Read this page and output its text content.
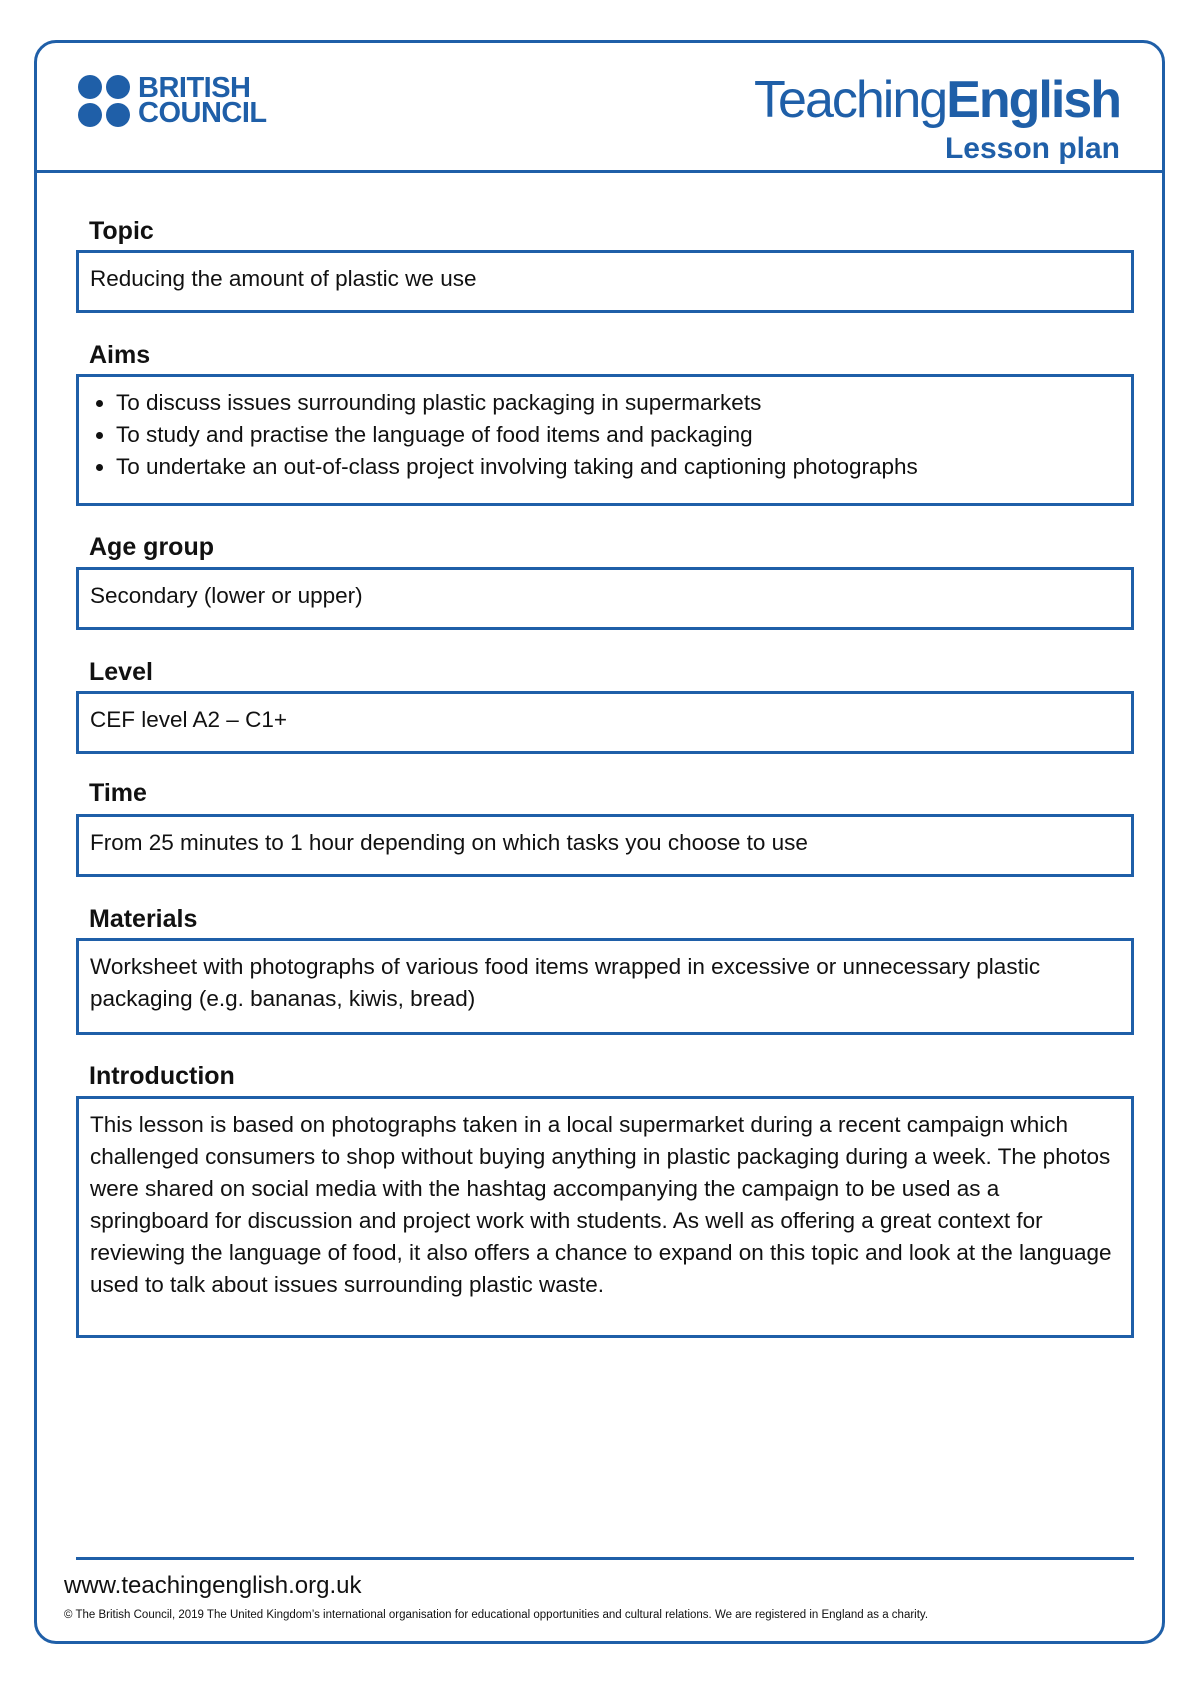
BRITISH
COUNCIL	TeachingEnglish
Lesson plan
Topic
Reducing the amount of plastic we use
Aims
• To discuss issues surrounding plastic packaging in supermarkets
• To study and practise the language of food items and packaging
• To undertake an out-of-class project involving taking and captioning photographs
Age group
Secondary (lower or upper)
Level
CEF level A2 – C1+
Time
From 25 minutes to 1 hour depending on which tasks you choose to use
Materials
Worksheet with photographs of various food items wrapped in excessive or unnecessary plastic packaging (e.g. bananas, kiwis, bread)
Introduction
This lesson is based on photographs taken in a local supermarket during a recent campaign which challenged consumers to shop without buying anything in plastic packaging during a week. The photos were shared on social media with the hashtag accompanying the campaign to be used as a springboard for discussion and project work with students. As well as offering a great context for reviewing the language of food, it also offers a chance to expand on this topic and look at the language used to talk about issues surrounding plastic waste.
www.teachingenglish.org.uk
© The British Council, 2019 The United Kingdom’s international organisation for educational opportunities and cultural relations. We are registered in England as a charity.
